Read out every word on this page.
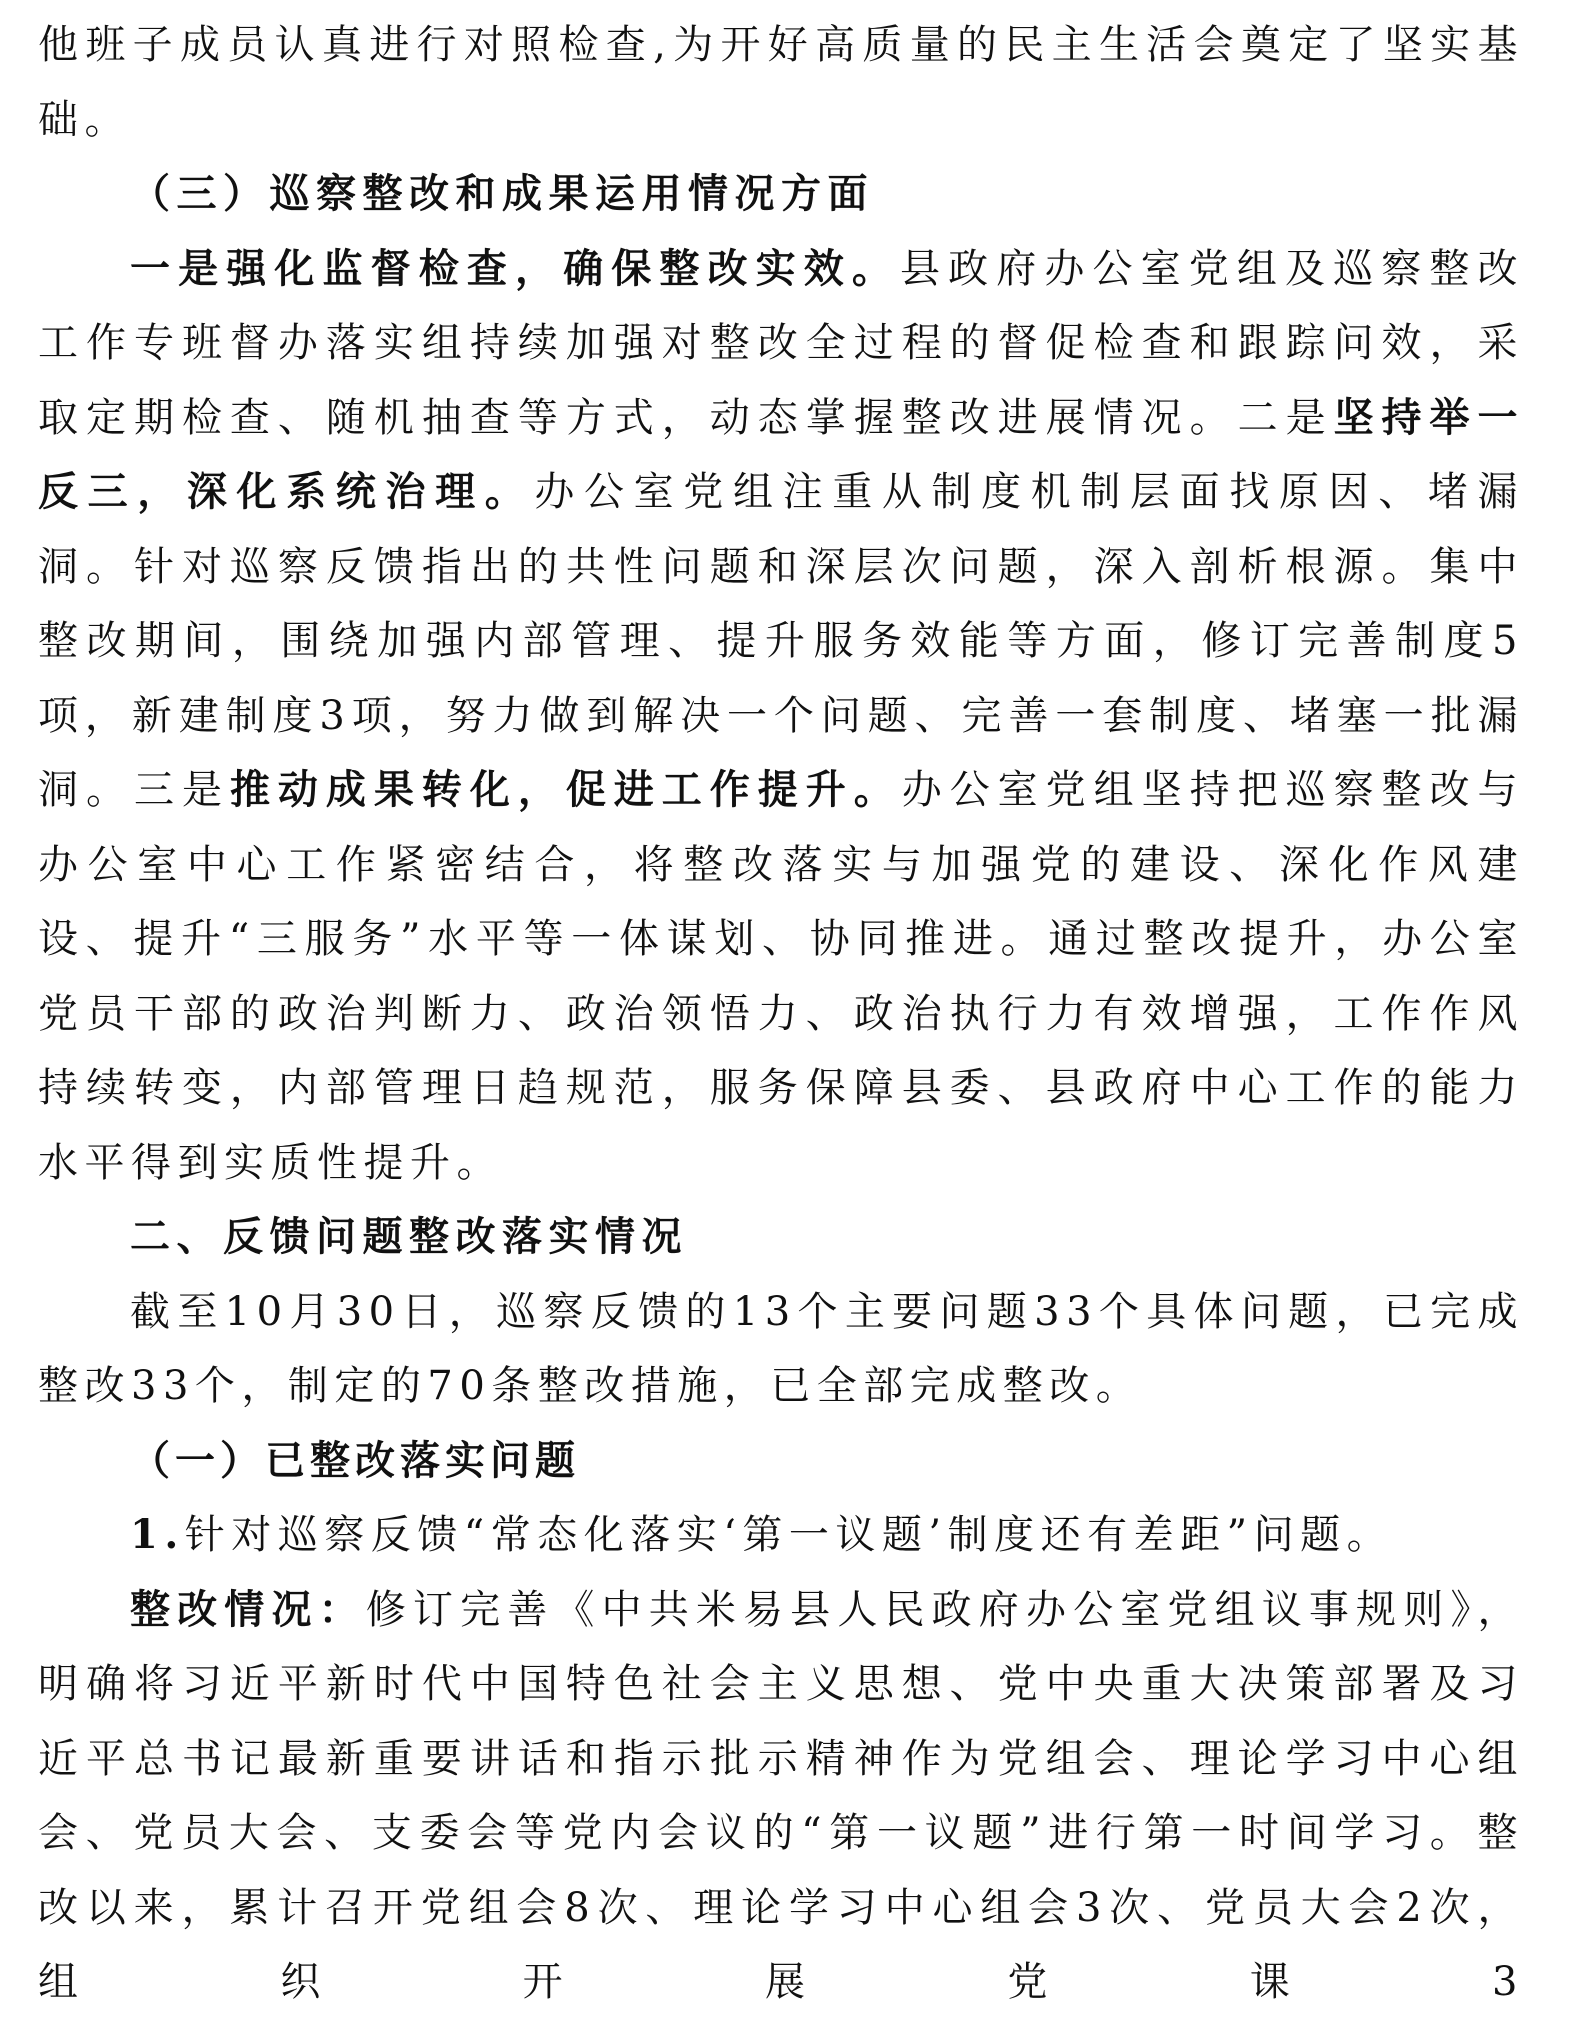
他班子成员认真进行对照检查,为开好高质量的民主生活会奠定了坚实基础。

（三）巡察整改和成果运用情况方面

一是强化监督检查，确保整改实效。县政府办公室党组及巡察整改工作专班督办落实组持续加强对整改全过程的督促检查和跟踪问效，采取定期检查、随机抽查等方式，动态掌握整改进展情况。二是坚持举一反三，深化系统治理。办公室党组注重从制度机制层面找原因、堵漏洞。针对巡察反馈指出的共性问题和深层次问题，深入剖析根源。集中整改期间，围绕加强内部管理、提升服务效能等方面，修订完善制度5项，新建制度3项，努力做到解决一个问题、完善一套制度、堵塞一批漏洞。三是推动成果转化，促进工作提升。办公室党组坚持把巡察整改与办公室中心工作紧密结合，将整改落实与加强党的建设、深化作风建设、提升“三服务”水平等一体谋划、协同推进。通过整改提升，办公室党员干部的政治判断力、政治领悟力、政治执行力有效增强，工作作风持续转变，内部管理日趋规范，服务保障县委、县政府中心工作的能力水平得到实质性提升。

二、反馈问题整改落实情况

截至10月30日，巡察反馈的13个主要问题33个具体问题，已完成整改33个，制定的70条整改措施，已全部完成整改。

（一）已整改落实问题

1.针对巡察反馈“常态化落实‘第一议题’制度还有差距”问题。

整改情况：修订完善《中共米易县人民政府办公室党组议事规则》，明确将习近平新时代中国特色社会主义思想、党中央重大决策部署及习近平总书记最新重要讲话和指示批示精神作为党组会、理论学习中心组会、党员大会、支委会等党内会议的“第一议题”进行第一时间学习。整改以来，累计召开党组会8次、理论学习中心组会3次、党员大会2次，组织开展党课3
